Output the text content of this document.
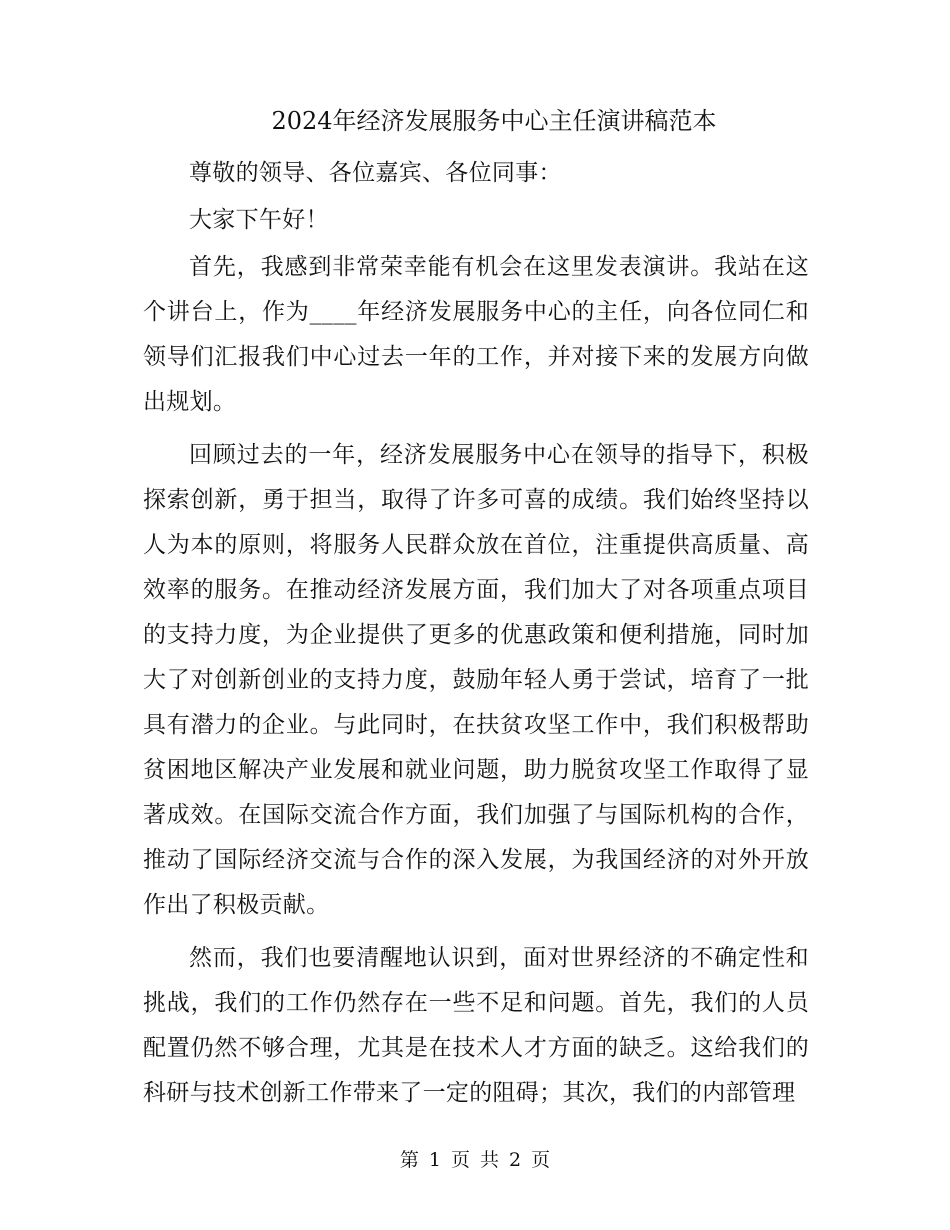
2024年经济发展服务中心主任演讲稿范本

尊敬的领导、各位嘉宾、各位同事：

大家下午好！

首先，我感到非常荣幸能有机会在这里发表演讲。我站在这个讲台上，作为____年经济发展服务中心的主任，向各位同仁和领导们汇报我们中心过去一年的工作，并对接下来的发展方向做出规划。

回顾过去的一年，经济发展服务中心在领导的指导下，积极探索创新，勇于担当，取得了许多可喜的成绩。我们始终坚持以人为本的原则，将服务人民群众放在首位，注重提供高质量、高效率的服务。在推动经济发展方面，我们加大了对各项重点项目的支持力度，为企业提供了更多的优惠政策和便利措施，同时加大了对创新创业的支持力度，鼓励年轻人勇于尝试，培育了一批具有潜力的企业。与此同时，在扶贫攻坚工作中，我们积极帮助贫困地区解决产业发展和就业问题，助力脱贫攻坚工作取得了显著成效。在国际交流合作方面，我们加强了与国际机构的合作，推动了国际经济交流与合作的深入发展，为我国经济的对外开放作出了积极贡献。

然而，我们也要清醒地认识到，面对世界经济的不确定性和挑战，我们的工作仍然存在一些不足和问题。首先，我们的人员配置仍然不够合理，尤其是在技术人才方面的缺乏。这给我们的科研与技术创新工作带来了一定的阻碍；其次，我们的内部管理

第 1 页 共 2 页
